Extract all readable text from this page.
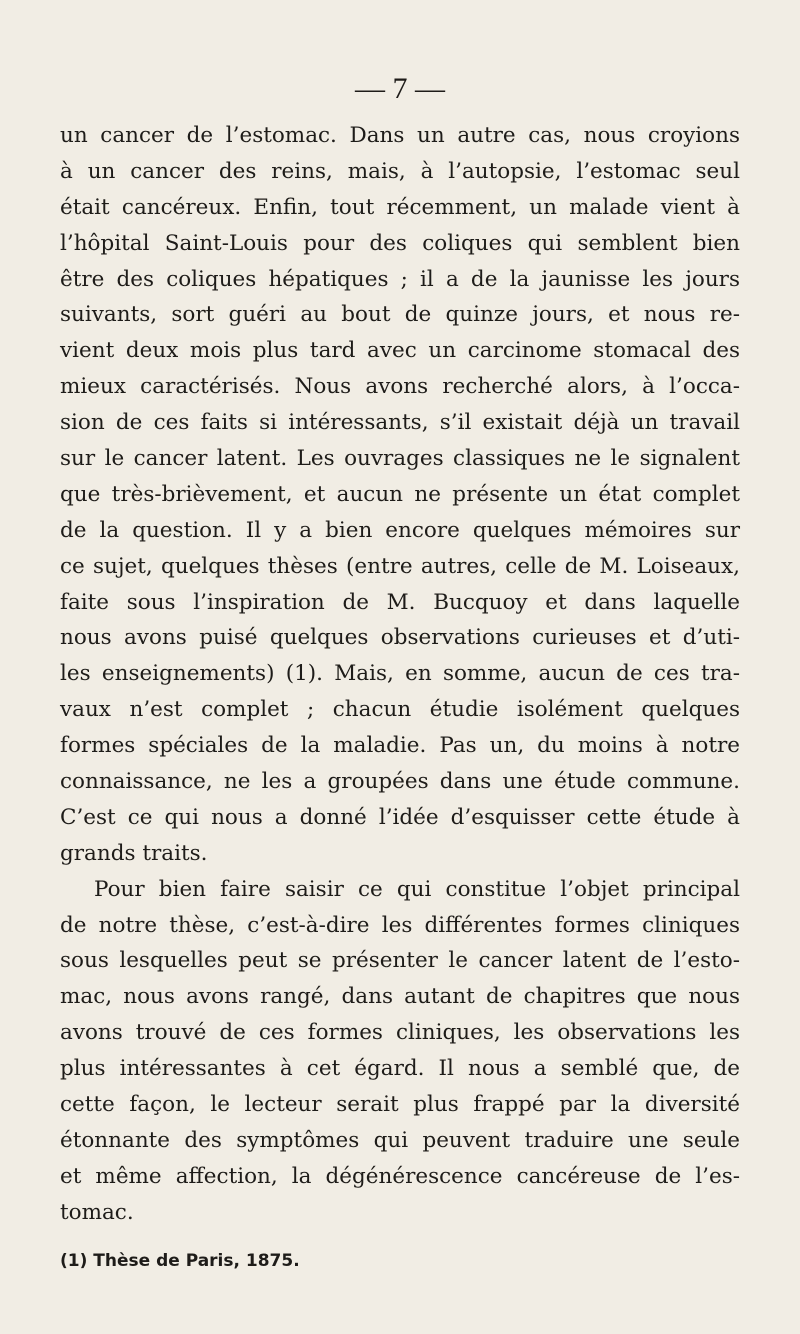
— 7 —
un cancer de l’estomac. Dans un autre cas, nous croyions
à un cancer des reins, mais, à l’autopsie, l’estomac seul
était cancéreux. Enfin, tout récemment, un malade vient à
l’hôpital Saint-Louis pour des coliques qui semblent bien
être des coliques hépatiques ; il a de la jaunisse les jours
suivants, sort guéri au bout de quinze jours, et nous re-
vient deux mois plus tard avec un carcinome stomacal des
mieux caractérisés. Nous avons recherché alors, à l’occa-
sion de ces faits si intéressants, s’il existait déjà un travail
sur le cancer latent. Les ouvrages classiques ne le signalent
que très-brièvement, et aucun ne présente un état complet
de la question. Il y a bien encore quelques mémoires sur
ce sujet, quelques thèses (entre autres, celle de M. Loiseaux,
faite sous l’inspiration de M. Bucquoy et dans laquelle
nous avons puisé quelques observations curieuses et d’uti-
les enseignements) (1). Mais, en somme, aucun de ces tra-
vaux n’est complet ; chacun étudie isolément quelques
formes spéciales de la maladie. Pas un, du moins à notre
connaissance, ne les a groupées dans une étude commune.
C’est ce qui nous a donné l’idée d’esquisser cette étude à
grands traits.
Pour bien faire saisir ce qui constitue l’objet principal
de notre thèse, c’est-à-dire les différentes formes cliniques
sous lesquelles peut se présenter le cancer latent de l’esto-
mac, nous avons rangé, dans autant de chapitres que nous
avons trouvé de ces formes cliniques, les observations les
plus intéressantes à cet égard. Il nous a semblé que, de
cette façon, le lecteur serait plus frappé par la diversité
étonnante des symptômes qui peuvent traduire une seule
et même affection, la dégénérescence cancéreuse de l’es-
tomac.
(1) Thèse de Paris, 1875.
